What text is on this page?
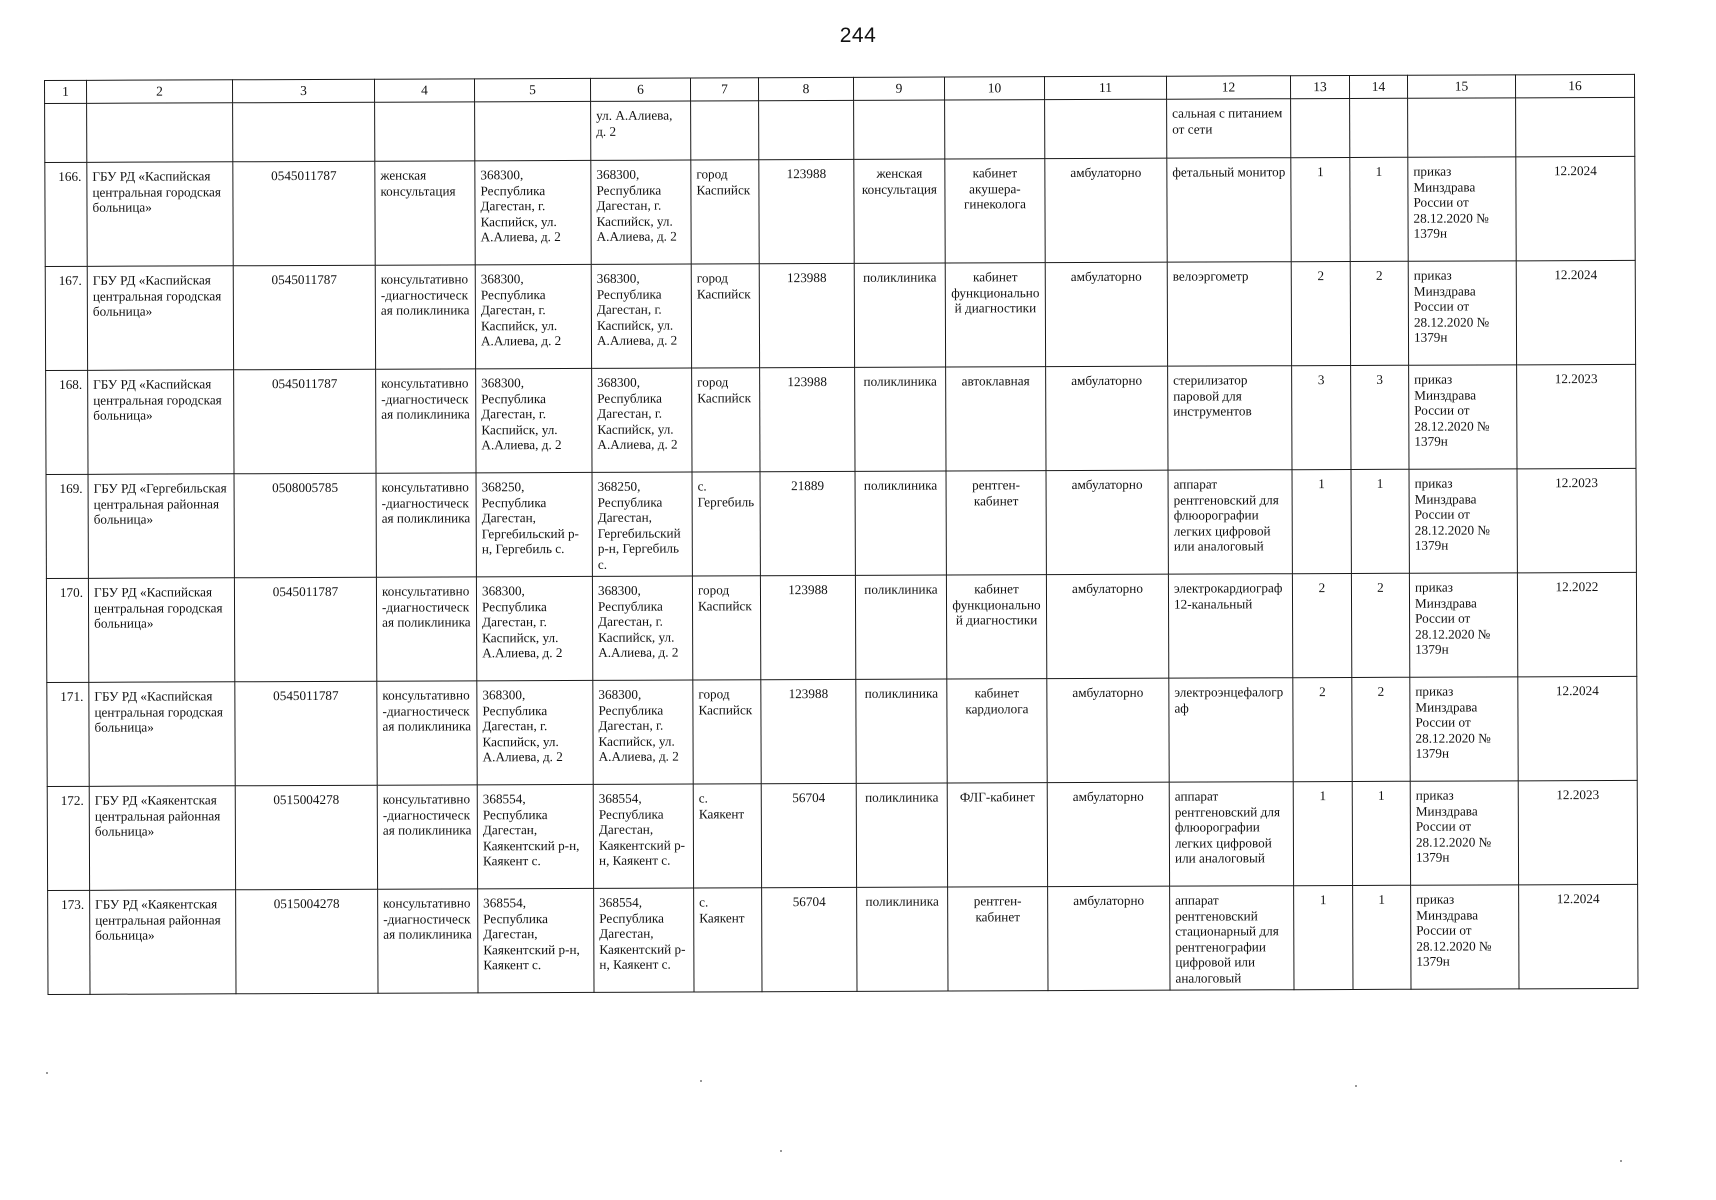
244
1	2	3	4	5	6	7	8	9	10	11	12	13	14	15	16
					ул. А.Алиева, д. 2						сальная с питанием от сети				
166.	ГБУ РД «Каспийская центральная городская больница»	0545011787	женская консультация	368300, Республика Дагестан, г. Каспийск, ул. А.Алиева, д. 2	368300, Республика Дагестан, г. Каспийск, ул. А.Алиева, д. 2	город Каспийск	123988	женская консультация	кабинет акушера-гинеколога	амбулаторно	фетальный монитор	1	1	приказ Минздрава России от 28.12.2020 № 1379н	12.2024
167.	ГБУ РД «Каспийская центральная городская больница»	0545011787	консультативно-диагностическая поликлиника	368300, Республика Дагестан, г. Каспийск, ул. А.Алиева, д. 2	368300, Республика Дагестан, г. Каспийск, ул. А.Алиева, д. 2	город Каспийск	123988	поликлиника	кабинет функциональной диагностики	амбулаторно	велоэргометр	2	2	приказ Минздрава России от 28.12.2020 № 1379н	12.2024
168.	ГБУ РД «Каспийская центральная городская больница»	0545011787	консультативно-диагностическая поликлиника	368300, Республика Дагестан, г. Каспийск, ул. А.Алиева, д. 2	368300, Республика Дагестан, г. Каспийск, ул. А.Алиева, д. 2	город Каспийск	123988	поликлиника	автоклавная	амбулаторно	стерилизатор паровой для инструментов	3	3	приказ Минздрава России от 28.12.2020 № 1379н	12.2023
169.	ГБУ РД «Гергебильская центральная районная больница»	0508005785	консультативно-диагностическая поликлиника	368250, Республика Дагестан, Гергебильский р-н, Гергебиль с.	368250, Республика Дагестан, Гергебильский р-н, Гергебиль с.	с. Гергебиль	21889	поликлиника	рентген-кабинет	амбулаторно	аппарат рентгеновский для флюорографии легких цифровой или аналоговый	1	1	приказ Минздрава России от 28.12.2020 № 1379н	12.2023
170.	ГБУ РД «Каспийская центральная городская больница»	0545011787	консультативно-диагностическая поликлиника	368300, Республика Дагестан, г. Каспийск, ул. А.Алиева, д. 2	368300, Республика Дагестан, г. Каспийск, ул. А.Алиева, д. 2	город Каспийск	123988	поликлиника	кабинет функциональной диагностики	амбулаторно	электрокардиограф 12-канальный	2	2	приказ Минздрава России от 28.12.2020 № 1379н	12.2022
171.	ГБУ РД «Каспийская центральная городская больница»	0545011787	консультативно-диагностическая поликлиника	368300, Республика Дагестан, г. Каспийск, ул. А.Алиева, д. 2	368300, Республика Дагестан, г. Каспийск, ул. А.Алиева, д. 2	город Каспийск	123988	поликлиника	кабинет кардиолога	амбулаторно	электроэнцефалограф	2	2	приказ Минздрава России от 28.12.2020 № 1379н	12.2024
172.	ГБУ РД «Каякентская центральная районная больница»	0515004278	консультативно-диагностическая поликлиника	368554, Республика Дагестан, Каякентский р-н, Каякент с.	368554, Республика Дагестан, Каякентский р-н, Каякент с.	с. Каякент	56704	поликлиника	ФЛГ-кабинет	амбулаторно	аппарат рентгеновский для флюорографии легких цифровой или аналоговый	1	1	приказ Минздрава России от 28.12.2020 № 1379н	12.2023
173.	ГБУ РД «Каякентская центральная районная больница»	0515004278	консультативно-диагностическая поликлиника	368554, Республика Дагестан, Каякентский р-н, Каякент с.	368554, Республика Дагестан, Каякентский р-н, Каякент с.	с. Каякент	56704	поликлиника	рентген-кабинет	амбулаторно	аппарат рентгеновский стационарный для рентгенографии цифровой или аналоговый	1	1	приказ Минздрава России от 28.12.2020 № 1379н	12.2024
